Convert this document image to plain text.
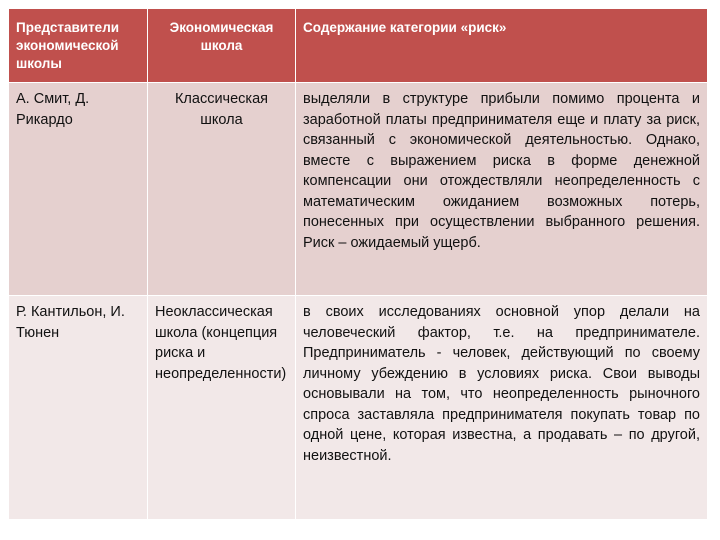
Представители экономической школы
Экономическая школа
Содержание категории «риск»
А. Смит, Д. Рикардо
Классическая школа
выделяли в структуре прибыли помимо процента и заработной платы предпринимателя еще и плату за риск, связанный с экономической деятельностью. Однако, вместе с выражением риска в форме денежной компенсации они отождествляли неопределенность с математическим ожиданием возможных потерь, понесенных при осуществлении выбранного решения. Риск – ожидаемый ущерб.
Р. Кантильон, И. Тюнен
Неоклассическая школа (концепция риска и неопределенности)
в своих исследованиях основной упор делали на человеческий фактор, т.е. на предпринимателе. Предприниматель - человек, действующий по своему личному убеждению в условиях риска. Свои выводы основывали на том, что неопределенность рыночного спроса заставляла предпринимателя покупать товар по одной цене, которая известна, а продавать – по другой, неизвестной.
